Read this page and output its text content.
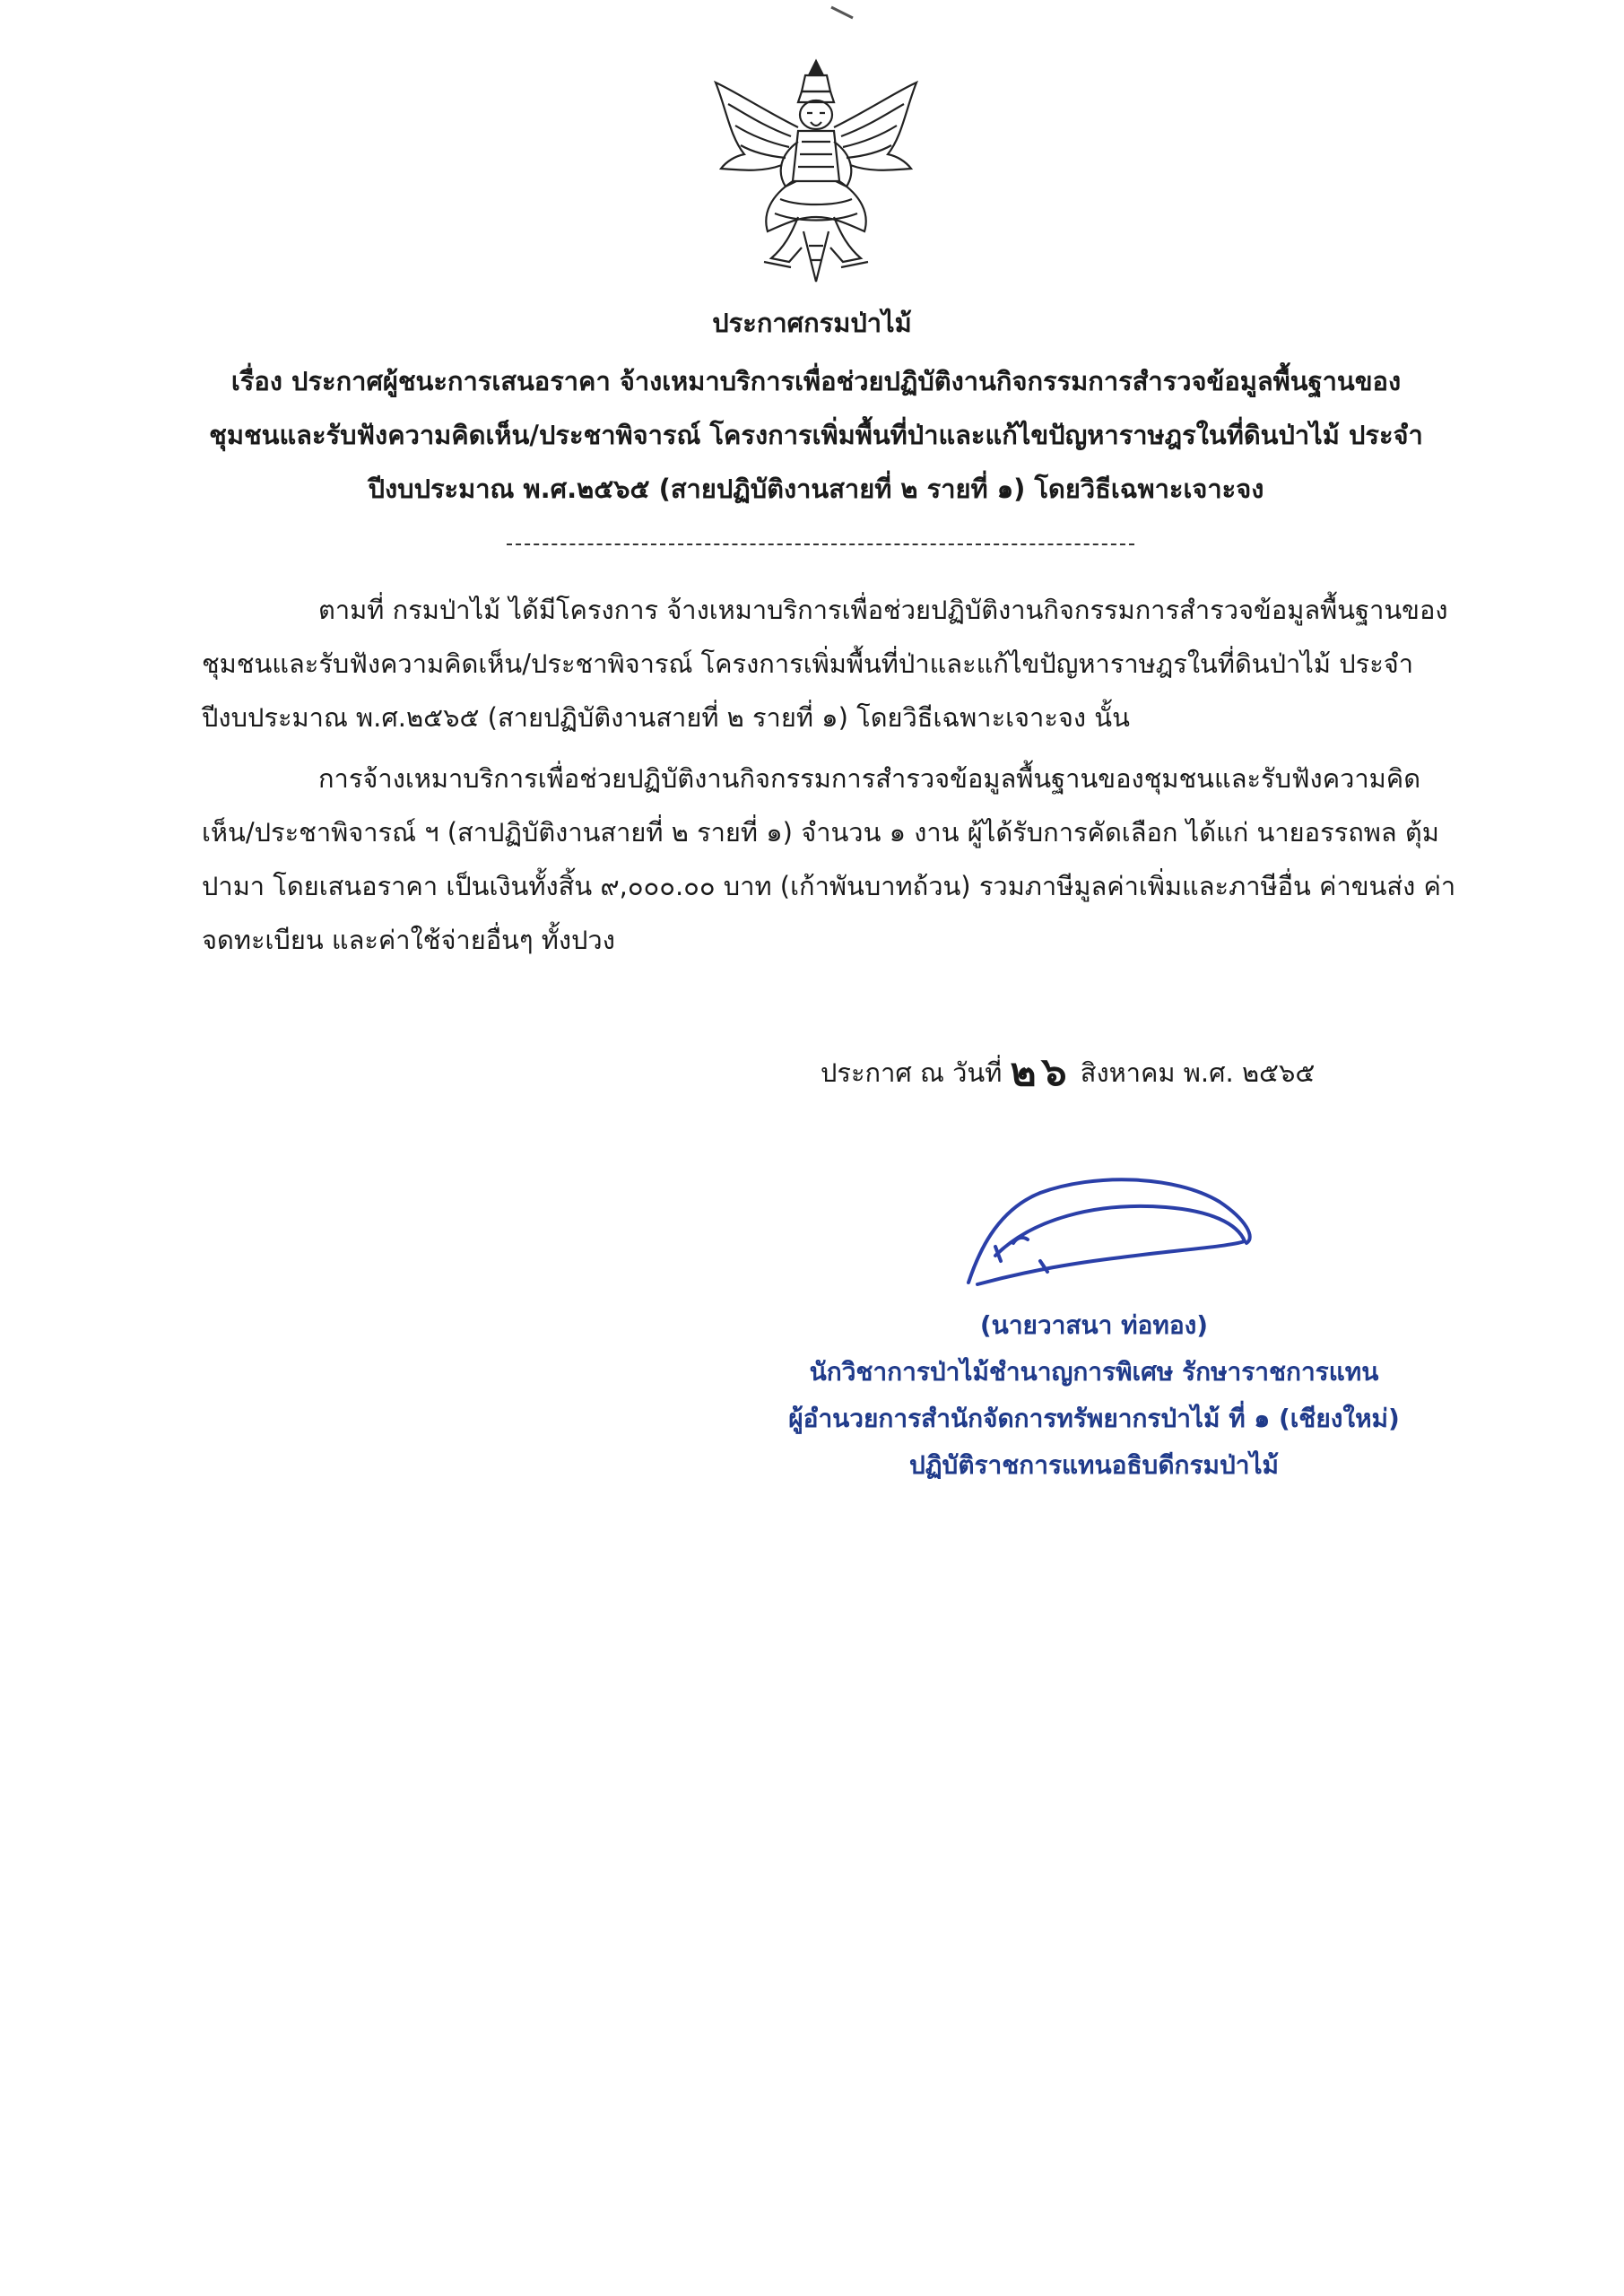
ประกาศกรมป่าไม้
เรื่อง ประกาศผู้ชนะการเสนอราคา จ้างเหมาบริการเพื่อช่วยปฏิบัติงานกิจกรรมการสำรวจข้อมูลพื้นฐานของ
ชุมชนและรับฟังความคิดเห็น/ประชาพิจารณ์ โครงการเพิ่มพื้นที่ป่าและแก้ไขปัญหาราษฎรในที่ดินป่าไม้ ประจำ
ปีงบประมาณ พ.ศ.๒๕๖๕ (สายปฏิบัติงานสายที่ ๒ รายที่ ๑) โดยวิธีเฉพาะเจาะจง
ตามที่ กรมป่าไม้ ได้มีโครงการ จ้างเหมาบริการเพื่อช่วยปฏิบัติงานกิจกรรมการสำรวจข้อมูลพื้นฐานของ
ชุมชนและรับฟังความคิดเห็น/ประชาพิจารณ์ โครงการเพิ่มพื้นที่ป่าและแก้ไขปัญหาราษฎรในที่ดินป่าไม้ ประจำ
ปีงบประมาณ พ.ศ.๒๕๖๕ (สายปฏิบัติงานสายที่ ๒ รายที่ ๑) โดยวิธีเฉพาะเจาะจง นั้น
การจ้างเหมาบริการเพื่อช่วยปฏิบัติงานกิจกรรมการสำรวจข้อมูลพื้นฐานของชุมชนและรับฟังความคิด
เห็น/ประชาพิจารณ์ ฯ (สาปฏิบัติงานสายที่ ๒ รายที่ ๑) จำนวน ๑ งาน ผู้ได้รับการคัดเลือก ได้แก่ นายอรรถพล ตุ้ม
ปามา โดยเสนอราคา เป็นเงินทั้งสิ้น ๙,๐๐๐.๐๐ บาท (เก้าพันบาทถ้วน) รวมภาษีมูลค่าเพิ่มและภาษีอื่น ค่าขนส่ง ค่า
จดทะเบียน และค่าใช้จ่ายอื่นๆ ทั้งปวง
ประกาศ ณ วันที่ ๒๖ สิงหาคม พ.ศ. ๒๕๖๕
(นายวาสนา ท่อทอง)
นักวิชาการป่าไม้ชำนาญการพิเศษ รักษาราชการแทน
ผู้อำนวยการสำนักจัดการทรัพยากรป่าไม้ ที่ ๑ (เชียงใหม่)
ปฏิบัติราชการแทนอธิบดีกรมป่าไม้
